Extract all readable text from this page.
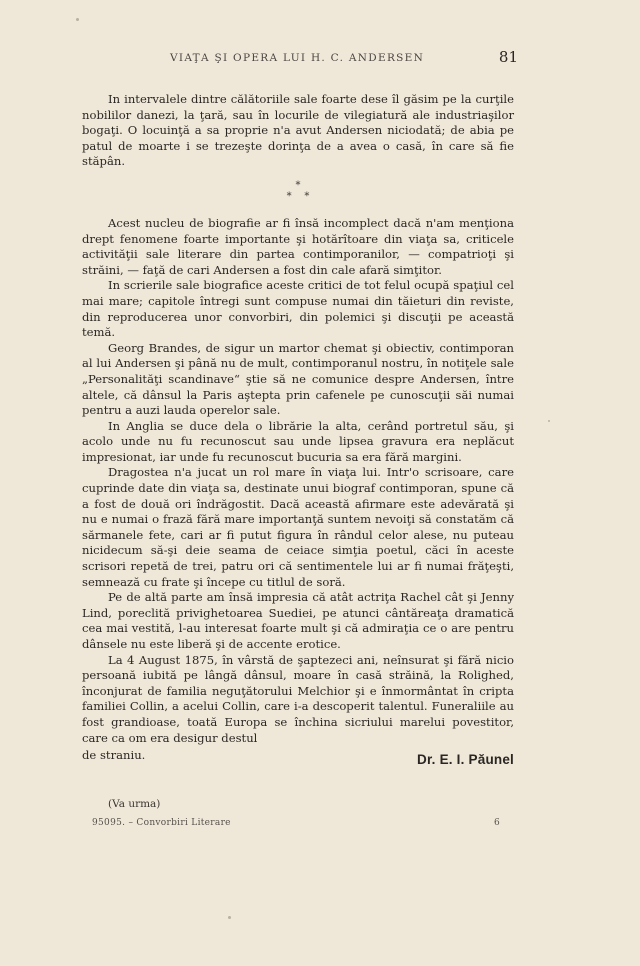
VIAŢA ŞI OPERA LUI H. C. ANDERSEN	81

In intervalele dintre călătoriile sale foarte dese îl găsim pe la curţile nobililor danezi, la ţară, sau în locurile de vilegiatură ale industriaşilor bogaţi. O locuinţă a sa proprie n'a avut Andersen niciodată; de abia pe patul de moarte i se trezeşte dorinţa de a avea o casă, în care să fie stăpân.

*
*    *

Acest nucleu de biografie ar fi însă incomplect dacă n'am menţiona drept fenomene foarte importante şi hotărîtoare din viaţa sa, criticele activităţii sale literare din partea contimporanilor, — compatrioţi şi străini, — faţă de cari Andersen a fost din cale afară simţitor.

In scrierile sale biografice aceste critici de tot felul ocupă spaţiul cel mai mare; capitole întregi sunt compuse numai din tăieturi din reviste, din reproducerea unor convorbiri, din polemici şi discuţii pe această temă.

Georg Brandes, de sigur un martor chemat şi obiectiv, contimporan al lui Andersen şi până nu de mult, contimporanul nostru, în notiţele sale „Personalităţi scandinave“ ştie să ne comunice despre Andersen, între altele, că dânsul la Paris aştepta prin cafenele pe cunoscuţii săi numai pentru a auzi lauda operelor sale.

In Anglia se duce dela o librărie la alta, cerând portretul său, şi acolo unde nu fu recunoscut sau unde lipsea gravura era neplăcut impresionat, iar unde fu recunoscut bucuria sa era fără margini.

Dragostea n'a jucat un rol mare în viaţa lui. Intr'o scrisoare, care cuprinde date din viaţa sa, destinate unui biograf contimporan, spune că a fost de două ori îndrăgostit. Dacă această afirmare este adevărată şi nu e numai o frază fără mare importanţă suntem nevoiţi să constatăm că sărmanele fete, cari ar fi putut figura în rândul celor alese, nu puteau nicidecum să-şi deie seama de ceiace simţia poetul, căci în aceste scrisori repetă de trei, patru ori că sentimentele lui ar fi numai frăţeşti, semnează cu frate şi începe cu titlul de soră.

Pe de altă parte am însă impresia că atât actriţa Rachel cât şi Jenny Lind, poreclită privighetoarea Suediei, pe atunci cântăreaţa dramatică cea mai vestită, l-au interesat foarte mult şi că admiraţia ce o are pentru dânsele nu este liberă şi de accente erotice.

La 4 August 1875, în vârstă de şaptezeci ani, neînsurat şi fără nicio persoană iubită pe lângă dânsul, moare în casă străină, la Rolighed, înconjurat de familia neguţătorului Melchior şi e înmormântat în cripta familiei Collin, a acelui Collin, care i-a descoperit talentul. Funeraliile au fost grandioase, toată Europa se închina sicriului marelui povestitor, care ca om era desigur destul

de straniu.	Dr. E. I. Păunel
(Va urma)
95095. – Convorbiri Literare	6
